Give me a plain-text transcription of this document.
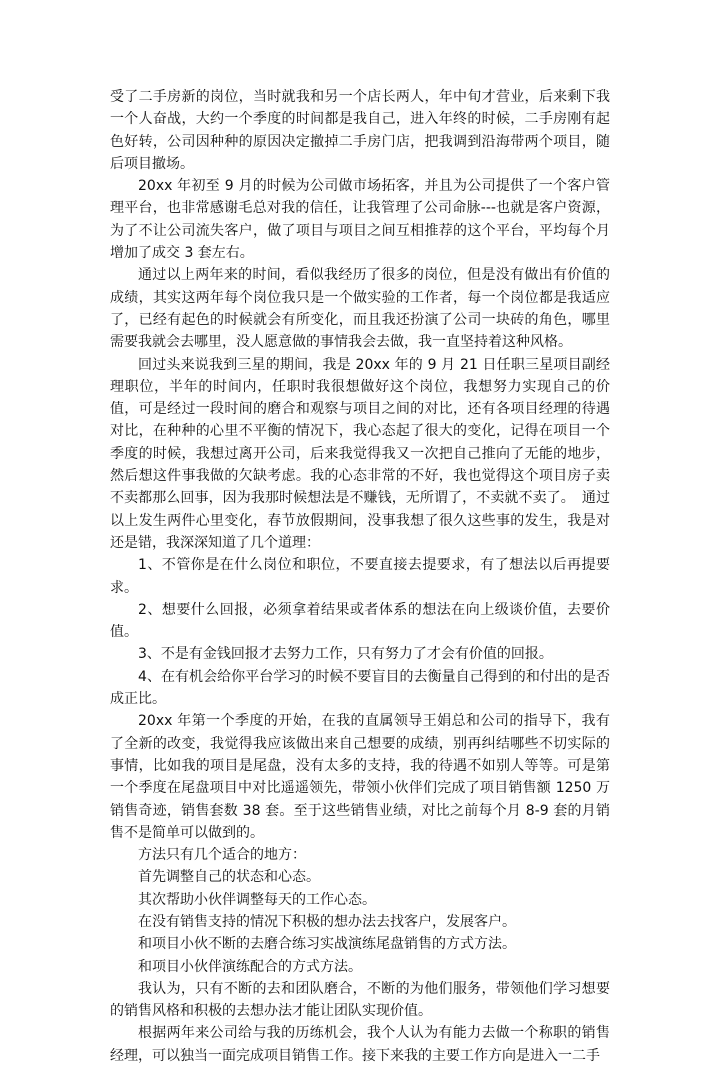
受了二手房新的岗位，当时就我和另一个店长两人，年中旬才营业，后来剩下我一个人奋战，大约一个季度的时间都是我自己，进入年终的时候，二手房刚有起色好转，公司因种种的原因决定撤掉二手房门店，把我调到沿海带两个项目，随后项目撤场。

20xx 年初至 9 月的时候为公司做市场拓客，并且为公司提供了一个客户管理平台，也非常感谢毛总对我的信任，让我管理了公司命脉---也就是客户资源，为了不让公司流失客户，做了项目与项目之间互相推荐的这个平台，平均每个月增加了成交 3 套左右。

通过以上两年来的时间，看似我经历了很多的岗位，但是没有做出有价值的成绩，其实这两年每个岗位我只是一个做实验的工作者，每一个岗位都是我适应了，已经有起色的时候就会有所变化，而且我还扮演了公司一块砖的角色，哪里需要我就会去哪里，没人愿意做的事情我会去做，我一直坚持着这种风格。

回过头来说我到三星的期间，我是 20xx 年的 9 月 21 日任职三星项目副经理职位，半年的时间内，任职时我很想做好这个岗位，我想努力实现自己的价值，可是经过一段时间的磨合和观察与项目之间的对比，还有各项目经理的待遇对比，在种种的心里不平衡的情况下，我心态起了很大的变化，记得在项目一个季度的时候，我想过离开公司，后来我觉得我又一次把自己推向了无能的地步，然后想这件事我做的欠缺考虑。我的心态非常的不好，我也觉得这个项目房子卖不卖都那么回事，因为我那时候想法是不赚钱，无所谓了，不卖就不卖了。　通过以上发生两件心里变化，春节放假期间，没事我想了很久这些事的发生，我是对还是错，我深深知道了几个道理：

1、不管你是在什么岗位和职位，不要直接去提要求，有了想法以后再提要求。

2、想要什么回报，必须拿着结果或者体系的想法在向上级谈价值，去要价值。

3、不是有金钱回报才去努力工作，只有努力了才会有价值的回报。

4、在有机会给你平台学习的时候不要盲目的去衡量自己得到的和付出的是否成正比。

20xx 年第一个季度的开始，在我的直属领导王娟总和公司的指导下，我有了全新的改变，我觉得我应该做出来自己想要的成绩，别再纠结哪些不切实际的事情，比如我的项目是尾盘，没有太多的支持，我的待遇不如别人等等。可是第一个季度在尾盘项目中对比遥遥领先，带领小伙伴们完成了项目销售额 1250 万销售奇迹，销售套数 38 套。至于这些销售业绩，对比之前每个月 8-9 套的月销售不是简单可以做到的。

方法只有几个适合的地方：

首先调整自己的状态和心态。

其次帮助小伙伴调整每天的工作心态。

在没有销售支持的情况下积极的想办法去找客户，发展客户。

和项目小伙不断的去磨合练习实战演练尾盘销售的方式方法。

和项目小伙伴演练配合的方式方法。

我认为，只有不断的去和团队磨合，不断的为他们服务，带领他们学习想要的销售风格和积极的去想办法才能让团队实现价值。

根据两年来公司给与我的历练机会，我个人认为有能力去做一个称职的销售经理，可以独当一面完成项目销售工作。接下来我的主要工作方向是进入一二手
